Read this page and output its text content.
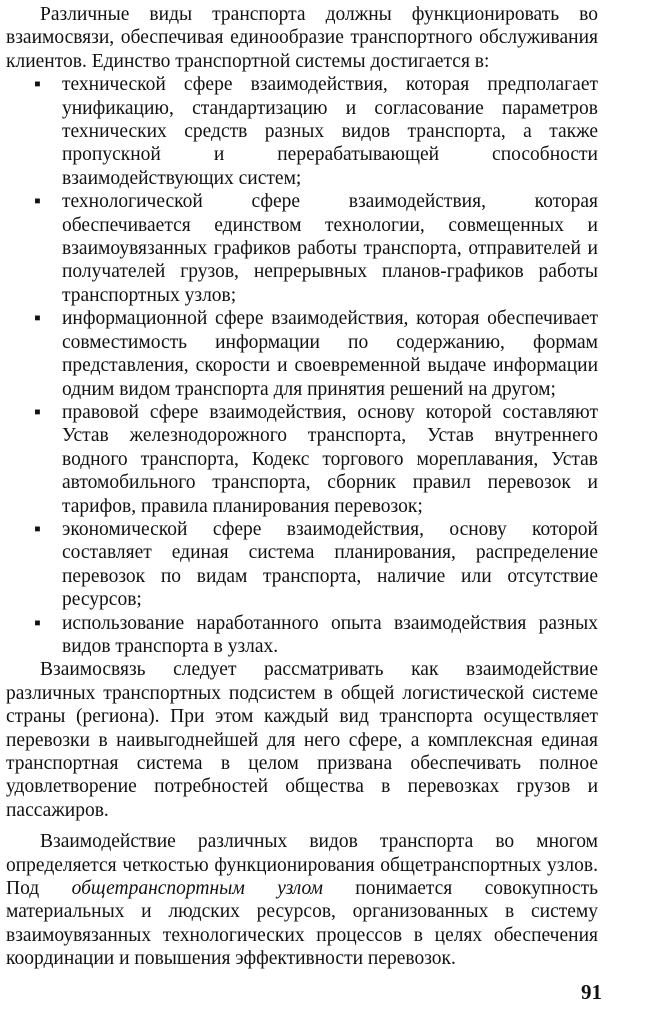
Различные виды транспорта должны функционировать во взаимосвязи, обеспечивая единообразие транспортного обслуживания клиентов. Единство транспортной системы достигается в:

▪	технической сфере взаимодействия, которая предполагает унификацию, стандартизацию и согласование параметров технических средств разных видов транспорта, а также пропускной и перерабатывающей способности взаимодействующих систем;
▪	технологической сфере взаимодействия, которая обеспечивается единством технологии, совмещенных и взаимоувязанных графиков работы транспорта, отправителей и получателей грузов, непрерывных планов-графиков работы транспортных узлов;
▪	информационной сфере взаимодействия, которая обеспечивает совместимость информации по содержанию, формам представления, скорости и своевременной выдаче информации одним видом транспорта для принятия решений на другом;
▪	правовой сфере взаимодействия, основу которой составляют Устав железнодорожного транспорта, Устав внутреннего водного транспорта, Кодекс торгового мореплавания, Устав автомобильного транспорта, сборник правил перевозок и тарифов, правила планирования перевозок;
▪	экономической сфере взаимодействия, основу которой составляет единая система планирования, распределение перевозок по видам транспорта, наличие или отсутствие ресурсов;
▪	использование наработанного опыта взаимодействия разных видов транспорта в узлах.

Взаимосвязь следует рассматривать как взаимодействие различных транспортных подсистем в общей логистической системе страны (региона). При этом каждый вид транспорта осуществляет перевозки в наивыгоднейшей для него сфере, а комплексная единая транспортная система в целом призвана обеспечивать полное удовлетворение потребностей общества в перевозках грузов и пассажиров.

Взаимодействие различных видов транспорта во многом определяется четкостью функционирования общетранспортных узлов. Под общетранспортным узлом понимается совокупность материальных и людских ресурсов, организованных в систему взаимоувязанных технологических процессов в целях обеспечения координации и повышения эффективности перевозок.

91
